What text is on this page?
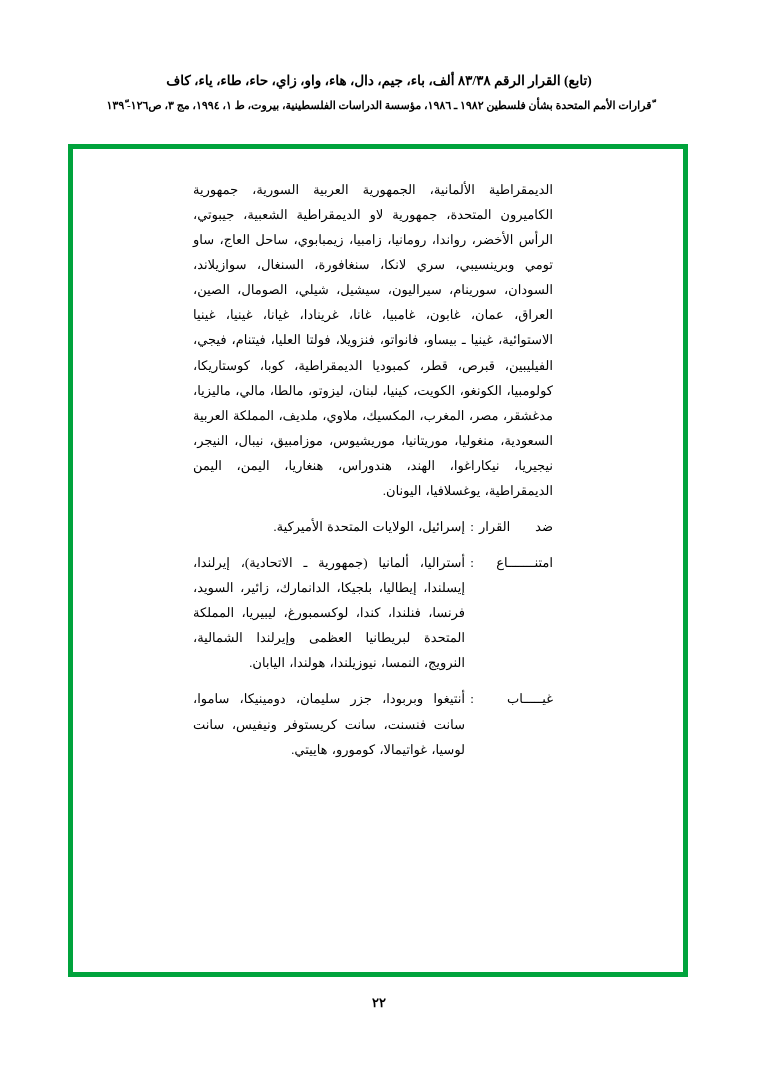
(تابع) القرار الرقم ٨٣/٣٨ ألف، باء، جيم، دال، هاء، واو، زاي، حاء، طاء، ياء، كاف
ّقرارات الأمم المتحدة بشأن فلسطين ١٩٨٢ ـ ١٩٨٦، مؤسسة الدراسات الفلسطينية، بيروت، ط ١، ١٩٩٤، مج ٣، ص١٢٦- ١٣٩ّ
الديمقراطية الألمانية، الجمهورية العربية السورية، جمهورية الكاميرون المتحدة، جمهورية لاو الديمقراطية الشعبية، جيبوتي، الرأس الأخضر، رواندا، رومانيا، زامبيا، زيمبابوي، ساحل العاج، ساو تومي وبرينسيبي، سري لانكا، سنغافورة، السنغال، سوازيلاند، السودان، سورينام، سيراليون، سيشيل، شيلي، الصومال، الصين، العراق، عمان، غابون، غامبيا، غانا، غرينادا، غيانا، غينيا، غينيا الاستوائية، غينيا ـ بيساو، فانواتو، فنزويلا، فولتا العليا، فيتنام، فيجي، الفيليبين، قبرص، قطر، كمبوديا الديمقراطية، كوبا، كوستاريكا، كولومبيا، الكونغو، الكويت، كينيا، لبنان، ليزوتو، مالطا، مالي، ماليزيا، مدغشقر، مصر، المغرب، المكسيك، ملاوي، ملديف، المملكة العربية السعودية، منغوليا، موريتانيا، موريشيوس، موزامبيق، نيبال، النيجر، نيجيريا، نيكاراغوا، الهند، هندوراس، هنغاريا، اليمن، اليمن الديمقراطية، يوغسلافيا، اليونان.
ضد القرار
:
إسرائيل، الولايات المتحدة الأميركية.
امتنـــــــاع
:
أستراليا، ألمانيا (جمهورية ـ الاتحادية)، إيرلندا، إيسلندا، إيطاليا، بلجيكا، الدانمارك، زائير، السويد، فرنسا، فنلندا، كندا، لوكسمبورغ، ليبيريا، المملكة المتحدة لبريطانيا العظمى وإيرلندا الشمالية، النرويج، النمسا، نيوزيلندا، هولندا، اليابان.
غيـــــاب
:
أنتيغوا وبربودا، جزر سليمان، دومينيكا، ساموا، سانت فنسنت، سانت كريستوفر ونيفيس، سانت لوسيا، غواتيمالا، كومورو، هاييتي.
٢٢
